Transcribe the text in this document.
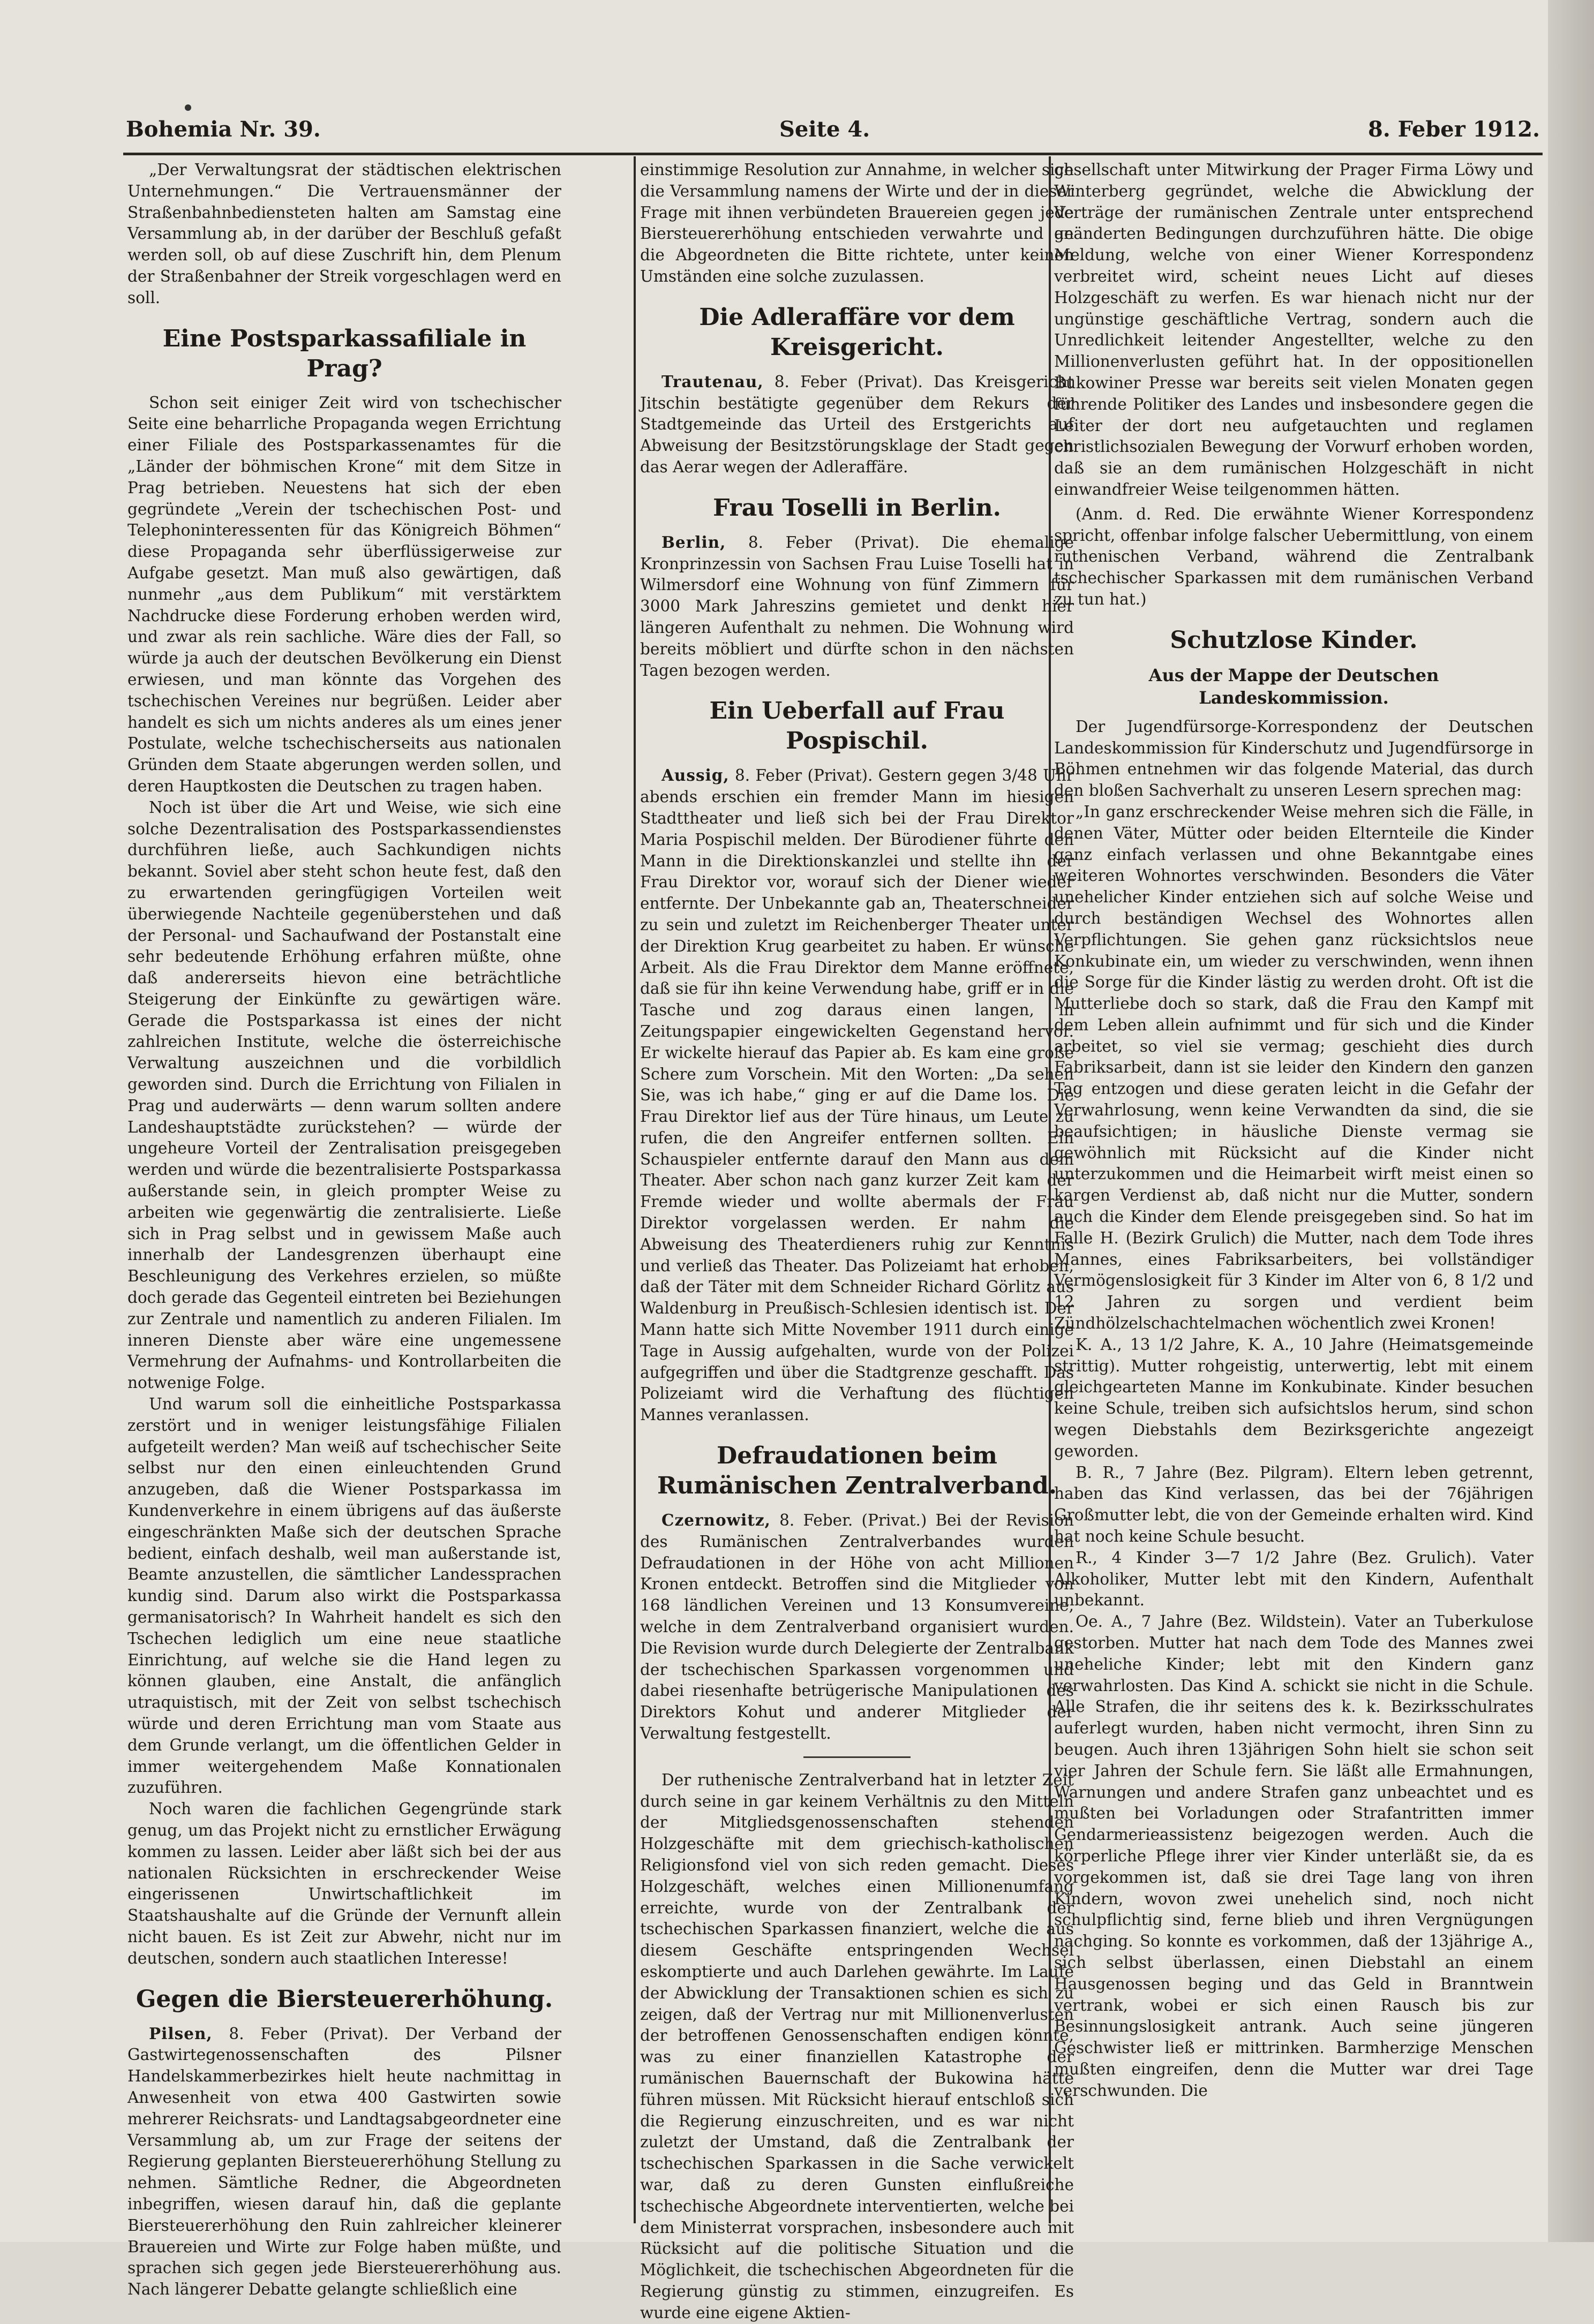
Bohemia Nr. 39.	Seite 4.	8. Feber 1912.

„Der Verwaltungsrat der städtischen elektrischen Unternehmungen.“ Die Vertrauensmänner der Straßenbahnbediensteten halten am Samstag eine Versammlung ab, in der darüber der Beschluß gefaßt werden soll, ob auf diese Zuschrift hin, dem Plenum der Straßenbahner der Streik vorgeschlagen werd en soll.

Eine Postsparkassafiliale in Prag?

Schon seit einiger Zeit wird von tschechischer Seite eine beharrliche Propaganda wegen Errichtung einer Filiale des Postsparkassenamtes für die „Länder der böhmischen Krone“ mit dem Sitze in Prag betrieben. Neuestens hat sich der eben gegründete „Verein der tschechischen Post- und Telephoninteressenten für das Königreich Böhmen“ diese Propaganda sehr überflüssigerweise zur Aufgabe gesetzt. Man muß also gewärtigen, daß nunmehr „aus dem Publikum“ mit verstärktem Nachdrucke diese Forderung erhoben werden wird, und zwar als rein sachliche. Wäre dies der Fall, so würde ja auch der deutschen Bevölkerung ein Dienst erwiesen, und man könnte das Vorgehen des tschechischen Vereines nur begrüßen. Leider aber handelt es sich um nichts anderes als um eines jener Postulate, welche tschechischerseits aus nationalen Gründen dem Staate abgerungen werden sollen, und deren Hauptkosten die Deutschen zu tragen haben.

Noch ist über die Art und Weise, wie sich eine solche Dezentralisation des Postsparkassendienstes durchführen ließe, auch Sachkundigen nichts bekannt. Soviel aber steht schon heute fest, daß den zu erwartenden geringfügigen Vorteilen weit überwiegende Nachteile gegenüberstehen und daß der Personal- und Sachaufwand der Postanstalt eine sehr bedeutende Erhöhung erfahren müßte, ohne daß andererseits hievon eine beträchtliche Steigerung der Einkünfte zu gewärtigen wäre. Gerade die Postsparkassa ist eines der nicht zahlreichen Institute, welche die österreichische Verwaltung auszeichnen und die vorbildlich geworden sind. Durch die Errichtung von Filialen in Prag und auderwärts — denn warum sollten andere Landeshauptstädte zurückstehen? — würde der ungeheure Vorteil der Zentralisation preisgegeben werden und würde die bezentralisierte Postsparkassa außerstande sein, in gleich prompter Weise zu arbeiten wie gegenwärtig die zentralisierte. Ließe sich in Prag selbst und in gewissem Maße auch innerhalb der Landesgrenzen überhaupt eine Beschleunigung des Verkehres erzielen, so müßte doch gerade das Gegenteil eintreten bei Beziehungen zur Zentrale und namentlich zu anderen Filialen. Im inneren Dienste aber wäre eine ungemessene Vermehrung der Aufnahms- und Kontrollarbeiten die notwenige Folge.

Und warum soll die einheitliche Postsparkassa zerstört und in weniger leistungsfähige Filialen aufgeteilt werden? Man weiß auf tschechischer Seite selbst nur den einen einleuchtenden Grund anzugeben, daß die Wiener Postsparkassa im Kundenverkehre in einem übrigens auf das äußerste eingeschränkten Maße sich der deutschen Sprache bedient, einfach deshalb, weil man außerstande ist, Beamte anzustellen, die sämtlicher Landessprachen kundig sind. Darum also wirkt die Postsparkassa germanisatorisch? In Wahrheit handelt es sich den Tschechen lediglich um eine neue staatliche Einrichtung, auf welche sie die Hand legen zu können glauben, eine Anstalt, die anfänglich utraquistisch, mit der Zeit von selbst tschechisch würde und deren Errichtung man vom Staate aus dem Grunde verlangt, um die öffentlichen Gelder in immer weitergehendem Maße Konnationalen zuzuführen.

Noch waren die fachlichen Gegengründe stark genug, um das Projekt nicht zu ernstlicher Erwägung kommen zu lassen. Leider aber läßt sich bei der aus nationalen Rücksichten in erschreckender Weise eingerissenen Unwirtschaftlichkeit im Staatshaushalte auf die Gründe der Vernunft allein nicht bauen. Es ist Zeit zur Abwehr, nicht nur im deutschen, sondern auch staatlichen Interesse!

Gegen die Biersteuererhöhung.

Pilsen, 8. Feber (Privat). Der Verband der Gastwirtegenossenschaften des Pilsner Handelskammerbezirkes hielt heute nachmittag in Anwesenheit von etwa 400 Gastwirten sowie mehrerer Reichsrats- und Landtagsabgeordneter eine Versammlung ab, um zur Frage der seitens der Regierung geplanten Biersteuererhöhung Stellung zu nehmen. Sämtliche Redner, die Abgeordneten inbegriffen, wiesen darauf hin, daß die geplante Biersteuererhöhung den Ruin zahlreicher kleinerer Brauereien und Wirte zur Folge haben müßte, und sprachen sich gegen jede Biersteuererhöhung aus. Nach längerer Debatte gelangte schließlich eine

einstimmige Resolution zur Annahme, in welcher sich die Versammlung namens der Wirte und der in dieser Frage mit ihnen verbündeten Brauereien gegen jede Biersteuererhöhung entschieden verwahrte und an die Abgeordneten die Bitte richtete, unter keinen Umständen eine solche zuzulassen.

Die Adleraffäre vor dem Kreisgericht.

Trautenau, 8. Feber (Privat). Das Kreisgericht Jitschin bestätigte gegenüber dem Rekurs der Stadtgemeinde das Urteil des Erstgerichts auf Abweisung der Besitzstörungsklage der Stadt gegen das Aerar wegen der Adleraffäre.

Frau Toselli in Berlin.

Berlin, 8. Feber (Privat). Die ehemalige Kronprinzessin von Sachsen Frau Luise Toselli hat in Wilmersdorf eine Wohnung von fünf Zimmern für 3000 Mark Jahreszins gemietet und denkt hier längeren Aufenthalt zu nehmen. Die Wohnung wird bereits möbliert und dürfte schon in den nächsten Tagen bezogen werden.

Ein Ueberfall auf Frau Pospischil.

Aussig, 8. Feber (Privat). Gestern gegen 3/48 Uhr abends erschien ein fremder Mann im hiesigen Stadttheater und ließ sich bei der Frau Direktor Maria Pospischil melden. Der Bürodiener führte den Mann in die Direktionskanzlei und stellte ihn der Frau Direktor vor, worauf sich der Diener wieder entfernte. Der Unbekannte gab an, Theaterschneider zu sein und zuletzt im Reichenberger Theater unter der Direktion Krug gearbeitet zu haben. Er wünsche Arbeit. Als die Frau Direktor dem Manne eröffnete, daß sie für ihn keine Verwendung habe, griff er in die Tasche und zog daraus einen langen, in Zeitungspapier eingewickelten Gegenstand hervor. Er wickelte hierauf das Papier ab. Es kam eine große Schere zum Vorschein. Mit den Worten: „Da sehen Sie, was ich habe,“ ging er auf die Dame los. Die Frau Direktor lief aus der Türe hinaus, um Leute zu rufen, die den Angreifer entfernen sollten. Ein Schauspieler entfernte darauf den Mann aus dem Theater. Aber schon nach ganz kurzer Zeit kam der Fremde wieder und wollte abermals der Frau Direktor vorgelassen werden. Er nahm die Abweisung des Theaterdieners ruhig zur Kenntnis und verließ das Theater. Das Polizeiamt hat erhoben, daß der Täter mit dem Schneider Richard Görlitz aus Waldenburg in Preußisch-Schlesien identisch ist. Der Mann hatte sich Mitte November 1911 durch einige Tage in Aussig aufgehalten, wurde von der Polizei aufgegriffen und über die Stadtgrenze geschafft. Das Polizeiamt wird die Verhaftung des flüchtigen Mannes veranlassen.

Defraudationen beim Rumänischen Zentralverband.

Czernowitz, 8. Feber. (Privat.) Bei der Revision des Rumänischen Zentralverbandes wurden Defraudationen in der Höhe von acht Millionen Kronen entdeckt. Betroffen sind die Mitglieder von 168 ländlichen Vereinen und 13 Konsumvereine, welche in dem Zentralverband organisiert wurden. Die Revision wurde durch Delegierte der Zentralbank der tschechischen Sparkassen vorgenommen und dabei riesenhafte betrügerische Manipulationen des Direktors Kohut und anderer Mitglieder der Verwaltung festgestellt.

Der ruthenische Zentralverband hat in letzter Zeit durch seine in gar keinem Verhältnis zu den Mitteln der Mitgliedsgenossenschaften stehenden Holzgeschäfte mit dem griechisch-katholischen Religionsfond viel von sich reden gemacht. Dieses Holzgeschäft, welches einen Millionenumfang erreichte, wurde von der Zentralbank der tschechischen Sparkassen finanziert, welche die aus diesem Geschäfte entspringenden Wechsel eskomptierte und auch Darlehen gewährte. Im Laufe der Abwicklung der Transaktionen schien es sich zu zeigen, daß der Vertrag nur mit Millionenverlusten der betroffenen Genossenschaften endigen könnte, was zu einer finanziellen Katastrophe der rumänischen Bauernschaft der Bukowina hätte führen müssen. Mit Rücksicht hierauf entschloß sich die Regierung einzuschreiten, und es war nicht zuletzt der Umstand, daß die Zentralbank der tschechischen Sparkassen in die Sache verwickelt war, daß zu deren Gunsten einflußreiche tschechische Abgeordnete interventierten, welche bei dem Ministerrat vorsprachen, insbesondere auch mit Rücksicht auf die politische Situation und die Möglichkeit, die tschechischen Abgeordneten für die Regierung günstig zu stimmen, einzugreifen. Es wurde eine eigene Aktien-

gesellschaft unter Mitwirkung der Prager Firma Löwy und Winterberg gegründet, welche die Abwicklung der Verträge der rumänischen Zentrale unter entsprechend geänderten Bedingungen durchzuführen hätte. Die obige Meldung, welche von einer Wiener Korrespondenz verbreitet wird, scheint neues Licht auf dieses Holzgeschäft zu werfen. Es war hienach nicht nur der ungünstige geschäftliche Vertrag, sondern auch die Unredlichkeit leitender Angestellter, welche zu den Millionenverlusten geführt hat. In der oppositionellen Bukowiner Presse war bereits seit vielen Monaten gegen führende Politiker des Landes und insbesondere gegen die Leiter der dort neu aufgetauchten und reglamen christlichsozialen Bewegung der Vorwurf erhoben worden, daß sie an dem rumänischen Holzgeschäft in nicht einwandfreier Weise teilgenommen hätten.

(Anm. d. Red. Die erwähnte Wiener Korrespondenz spricht, offenbar infolge falscher Uebermittlung, von einem ruthenischen Verband, während die Zentralbank tschechischer Sparkassen mit dem rumänischen Verband zu tun hat.)

Schutzlose Kinder.
Aus der Mappe der Deutschen Landeskommission.

Der Jugendfürsorge-Korrespondenz der Deutschen Landeskommission für Kinderschutz und Jugendfürsorge in Böhmen entnehmen wir das folgende Material, das durch den bloßen Sachverhalt zu unseren Lesern sprechen mag:

„In ganz erschreckender Weise mehren sich die Fälle, in denen Väter, Mütter oder beiden Elternteile die Kinder ganz einfach verlassen und ohne Bekanntgabe eines weiteren Wohnortes verschwinden. Besonders die Väter unehelicher Kinder entziehen sich auf solche Weise und durch beständigen Wechsel des Wohnortes allen Verpflichtungen. Sie gehen ganz rücksichtslos neue Konkubinate ein, um wieder zu verschwinden, wenn ihnen die Sorge für die Kinder lästig zu werden droht. Oft ist die Mutterliebe doch so stark, daß die Frau den Kampf mit dem Leben allein aufnimmt und für sich und die Kinder arbeitet, so viel sie vermag; geschieht dies durch Fabriksarbeit, dann ist sie leider den Kindern den ganzen Tag entzogen und diese geraten leicht in die Gefahr der Verwahrlosung, wenn keine Verwandten da sind, die sie beaufsichtigen; in häusliche Dienste vermag sie gewöhnlich mit Rücksicht auf die Kinder nicht unterzukommen und die Heimarbeit wirft meist einen so kargen Verdienst ab, daß nicht nur die Mutter, sondern auch die Kinder dem Elende preisgegeben sind. So hat im Falle H. (Bezirk Grulich) die Mutter, nach dem Tode ihres Mannes, eines Fabriksarbeiters, bei vollständiger Vermögenslosigkeit für 3 Kinder im Alter von 6, 8 1/2 und 12 Jahren zu sorgen und verdient beim Zündhölzelschachtelmachen wöchentlich zwei Kronen!

K. A., 13 1/2 Jahre, K. A., 10 Jahre (Heimatsgemeinde strittig). Mutter rohgeistig, unterwertig, lebt mit einem gleichgearteten Manne im Konkubinate. Kinder besuchen keine Schule, treiben sich aufsichtslos herum, sind schon wegen Diebstahls dem Bezirksgerichte angezeigt geworden.

B. R., 7 Jahre (Bez. Pilgram). Eltern leben getrennt, haben das Kind verlassen, das bei der 76jährigen Großmutter lebt, die von der Gemeinde erhalten wird. Kind hat noch keine Schule besucht.

R., 4 Kinder 3—7 1/2 Jahre (Bez. Grulich). Vater Alkoholiker, Mutter lebt mit den Kindern, Aufenthalt unbekannt.

Oe. A., 7 Jahre (Bez. Wildstein). Vater an Tuberkulose gestorben. Mutter hat nach dem Tode des Mannes zwei uneheliche Kinder; lebt mit den Kindern ganz verwahrlosten. Das Kind A. schickt sie nicht in die Schule. Alle Strafen, die ihr seitens des k. k. Bezirksschulrates auferlegt wurden, haben nicht vermocht, ihren Sinn zu beugen. Auch ihren 13jährigen Sohn hielt sie schon seit vier Jahren der Schule fern. Sie läßt alle Ermahnungen, Warnungen und andere Strafen ganz unbeachtet und es mußten bei Vorladungen oder Strafantritten immer Gendarmerieassistenz beigezogen werden. Auch die körperliche Pflege ihrer vier Kinder unterläßt sie, da es vorgekommen ist, daß sie drei Tage lang von ihren Kindern, wovon zwei unehelich sind, noch nicht schulpflichtig sind, ferne blieb und ihren Vergnügungen nachging. So konnte es vorkommen, daß der 13jährige A., sich selbst überlassen, einen Diebstahl an einem Hausgenossen beging und das Geld in Branntwein vertrank, wobei er sich einen Rausch bis zur Besinnungslosigkeit antrank. Auch seine jüngeren Geschwister ließ er mittrinken. Barmherzige Menschen mußten eingreifen, denn die Mutter war drei Tage verschwunden. Die
